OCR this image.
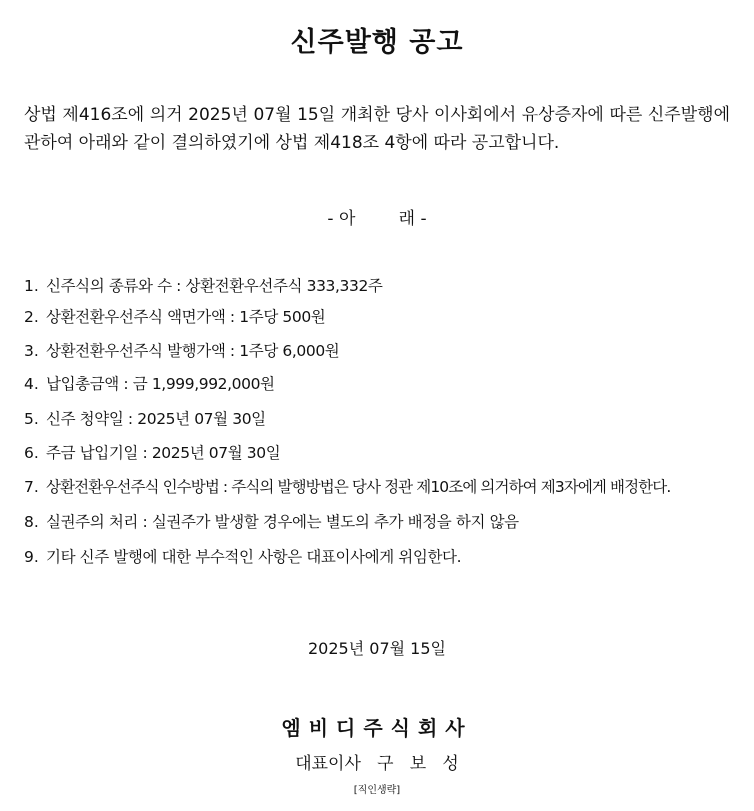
신주발행 공고
상법 제416조에 의거 2025년 07월 15일 개최한 당사 이사회에서 유상증자에 따른 신주발행에 관하여 아래와 같이 결의하였기에 상법 제418조 4항에 따라 공고합니다.
- 아        래 -
1. 신주식의 종류와 수 : 상환전환우선주식 333,332주
2. 상환전환우선주식 액면가액 : 1주당 500원
3. 상환전환우선주식 발행가액 : 1주당 6,000원
4. 납입총금액 : 금 1,999,992,000원
5. 신주 청약일 : 2025년 07월 30일
6. 주금 납입기일 : 2025년 07월 30일
7. 상환전환우선주식 인수방법 : 주식의 발행방법은 당사 정관 제10조에 의거하여 제3자에게 배정한다.
8. 실권주의 처리 : 실권주가 발생할 경우에는 별도의 추가 배정을 하지 않음
9. 기타 신주 발행에 대한 부수적인 사항은 대표이사에게 위임한다.
2025년 07월 15일
엠비디주식회사
대표이사   구   보   성
[직인생략]
